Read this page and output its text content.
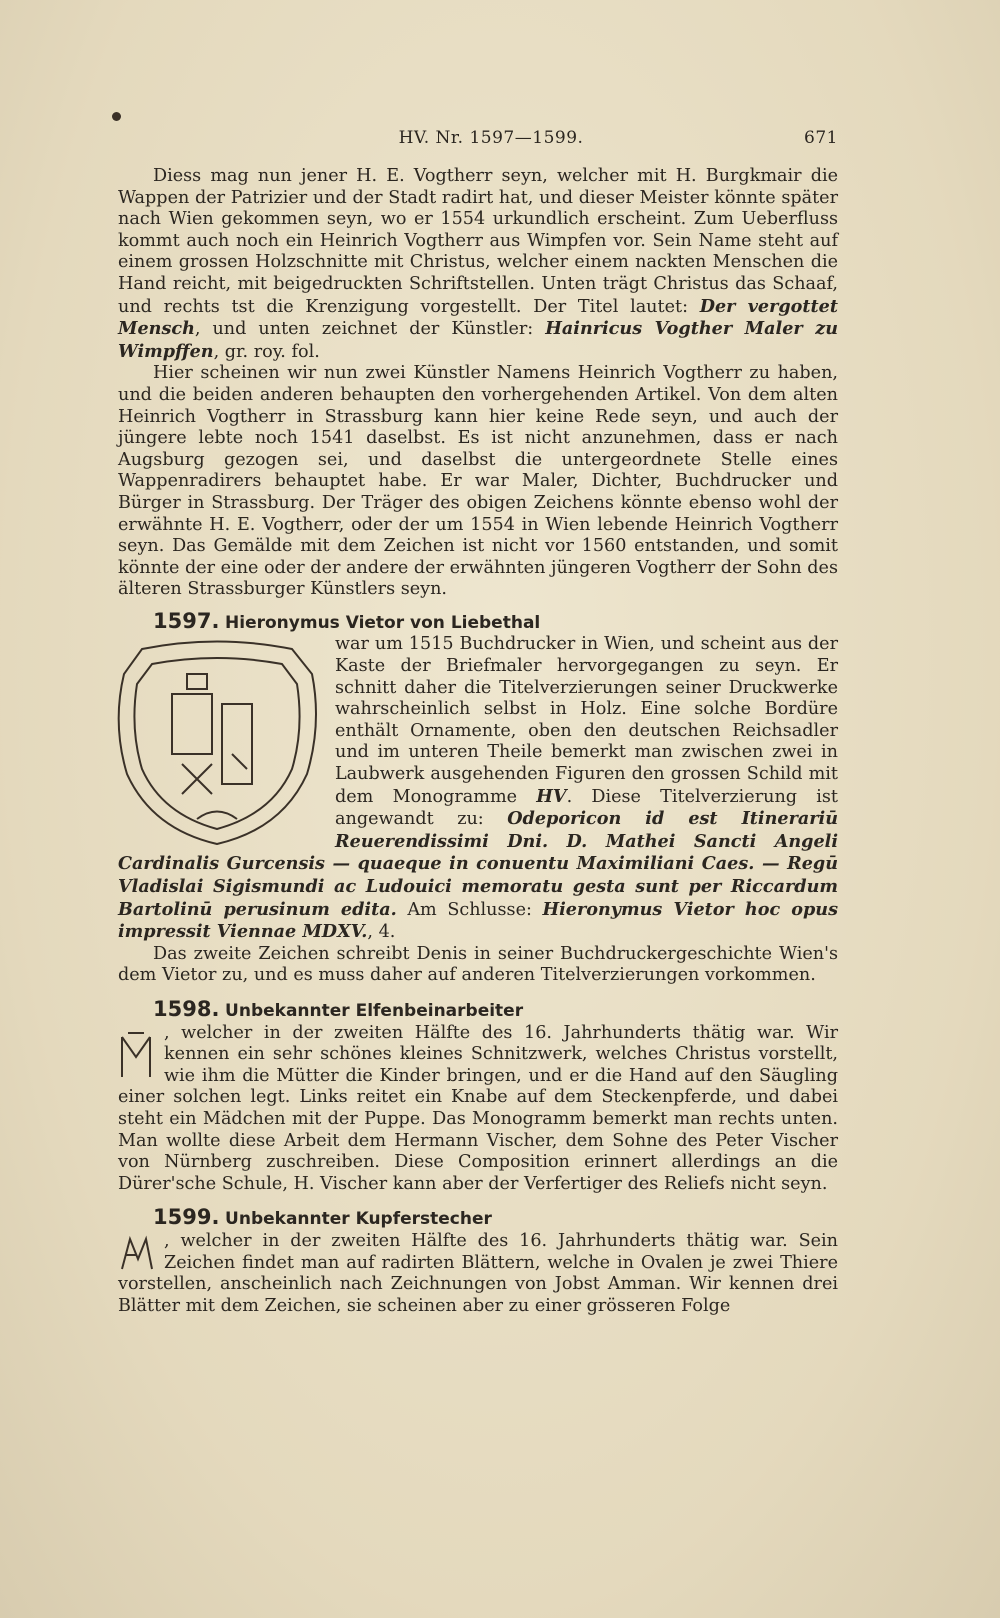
HV. Nr. 1597—1599.	671

Diess mag nun jener H. E. Vogtherr seyn, welcher mit H. Burgkmair die Wappen der Patrizier und der Stadt radirt hat, und dieser Meister könnte später nach Wien gekommen seyn, wo er 1554 urkundlich erscheint. Zum Ueberfluss kommt auch noch ein Heinrich Vogtherr aus Wimpfen vor. Sein Name steht auf einem grossen Holzschnitte mit Christus, welcher einem nackten Menschen die Hand reicht, mit beigedruckten Schriftstellen. Unten trägt Christus das Schaaf, und rechts tst die Krenzigung vorgestellt. Der Titel lautet: Der vergottet Mensch, und unten zeichnet der Künstler: Hainricus Vogther Maler zu Wimpffen, gr. roy. fol.

Hier scheinen wir nun zwei Künstler Namens Heinrich Vogtherr zu haben, und die beiden anderen behaupten den vorhergehenden Artikel. Von dem alten Heinrich Vogtherr in Strassburg kann hier keine Rede seyn, und auch der jüngere lebte noch 1541 daselbst. Es ist nicht anzunehmen, dass er nach Augsburg gezogen sei, und daselbst die untergeordnete Stelle eines Wappenradirers behauptet habe. Er war Maler, Dichter, Buchdrucker und Bürger in Strassburg. Der Träger des obigen Zeichens könnte ebenso wohl der erwähnte H. E. Vogtherr, oder der um 1554 in Wien lebende Heinrich Vogtherr seyn. Das Gemälde mit dem Zeichen ist nicht vor 1560 entstanden, und somit könnte der eine oder der andere der erwähnten jüngeren Vogtherr der Sohn des älteren Strassburger Künstlers seyn.

1597. Hieronymus Vietor von Liebethal

war um 1515 Buchdrucker in Wien, und scheint aus der Kaste der Briefmaler hervorgegangen zu seyn. Er schnitt daher die Titelverzierungen seiner Druckwerke wahrscheinlich selbst in Holz. Eine solche Bordüre enthält Ornamente, oben den deutschen Reichsadler und im unteren Theile bemerkt man zwischen zwei in Laubwerk ausgehenden Figuren den grossen Schild mit dem Monogramme HV. Diese Titelverzierung ist angewandt zu: Odeporicon id est Itinerariū Reuerendissimi Dni. D. Mathei Sancti Angeli Cardinalis Gurcensis — quaeque in conuentu Maximiliani Caes. — Regū Vladislai Sigismundi ac Ludouici memoratu gesta sunt per Riccardum Bartolinū perusinum edita. Am Schlusse: Hieronymus Vietor hoc opus impressit Viennae MDXV., 4.

Das zweite Zeichen schreibt Denis in seiner Buchdruckergeschichte Wien's dem Vietor zu, und es muss daher auf anderen Titelverzierungen vorkommen.

1598. Unbekannter Elfenbeinarbeiter

, welcher in der zweiten Hälfte des 16. Jahrhunderts thätig war. Wir kennen ein sehr schönes kleines Schnitzwerk, welches Christus vorstellt, wie ihm die Mütter die Kinder bringen, und er die Hand auf den Säugling einer solchen legt. Links reitet ein Knabe auf dem Steckenpferde, und dabei steht ein Mädchen mit der Puppe. Das Monogramm bemerkt man rechts unten. Man wollte diese Arbeit dem Hermann Vischer, dem Sohne des Peter Vischer von Nürnberg zuschreiben. Diese Composition erinnert allerdings an die Dürer'sche Schule, H. Vischer kann aber der Verfertiger des Reliefs nicht seyn.

1599. Unbekannter Kupferstecher

, welcher in der zweiten Hälfte des 16. Jahrhunderts thätig war. Sein Zeichen findet man auf radirten Blättern, welche in Ovalen je zwei Thiere vorstellen, anscheinlich nach Zeichnungen von Jobst Amman. Wir kennen drei Blätter mit dem Zeichen, sie scheinen aber zu einer grösseren Folge
